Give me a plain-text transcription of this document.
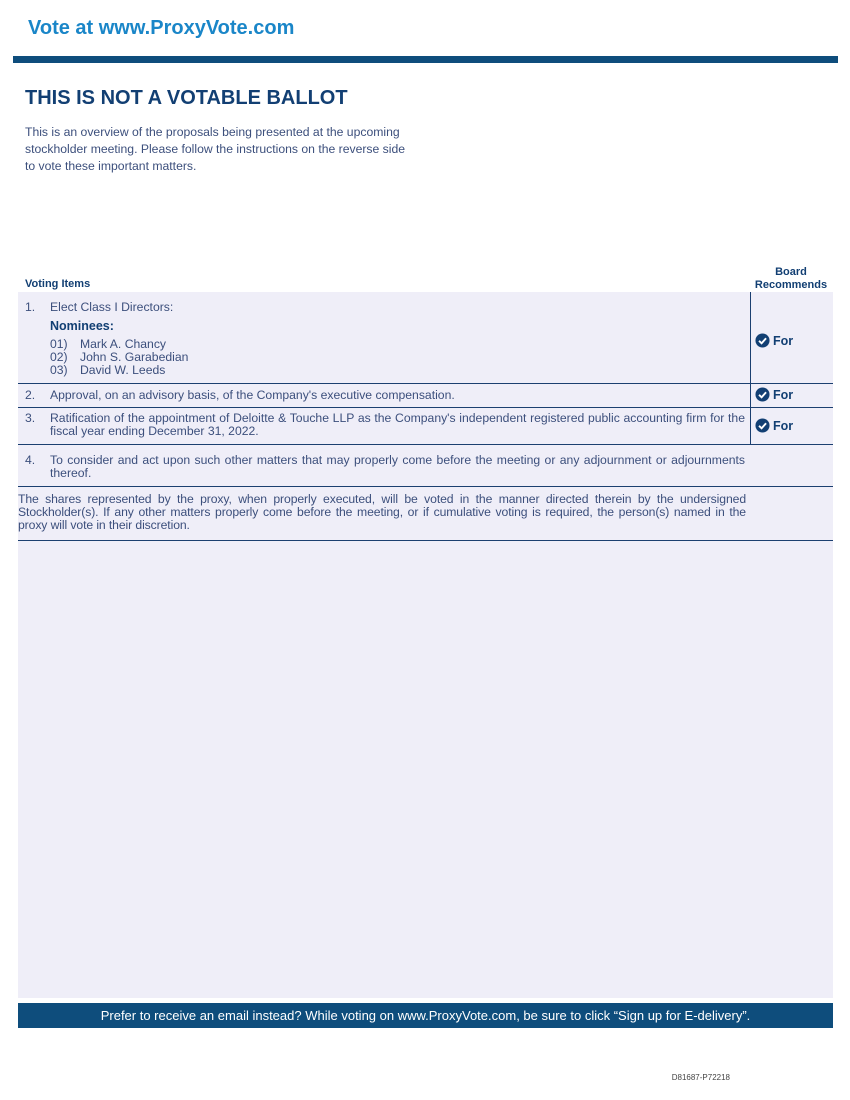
Vote at www.ProxyVote.com
THIS IS NOT A VOTABLE BALLOT
This is an overview of the proposals being presented at the upcoming stockholder meeting. Please follow the instructions on the reverse side to vote these important matters.
Voting Items
Board
Recommends
1. Elect Class I Directors:
Nominees:
01) Mark A. Chancy
02) John S. Garabedian
03) David W. Leeds
For
2. Approval, on an advisory basis, of the Company's executive compensation.	For
3. Ratification of the appointment of Deloitte & Touche LLP as the Company's independent registered public accounting firm for the fiscal year ending December 31, 2022.	For
4. To consider and act upon such other matters that may properly come before the meeting or any adjournment or adjournments thereof.
The shares represented by the proxy, when properly executed, will be voted in the manner directed therein by the undersigned Stockholder(s). If any other matters properly come before the meeting, or if cumulative voting is required, the person(s) named in the proxy will vote in their discretion.
Prefer to receive an email instead? While voting on www.ProxyVote.com, be sure to click “Sign up for E-delivery”.
D81687-P72218
